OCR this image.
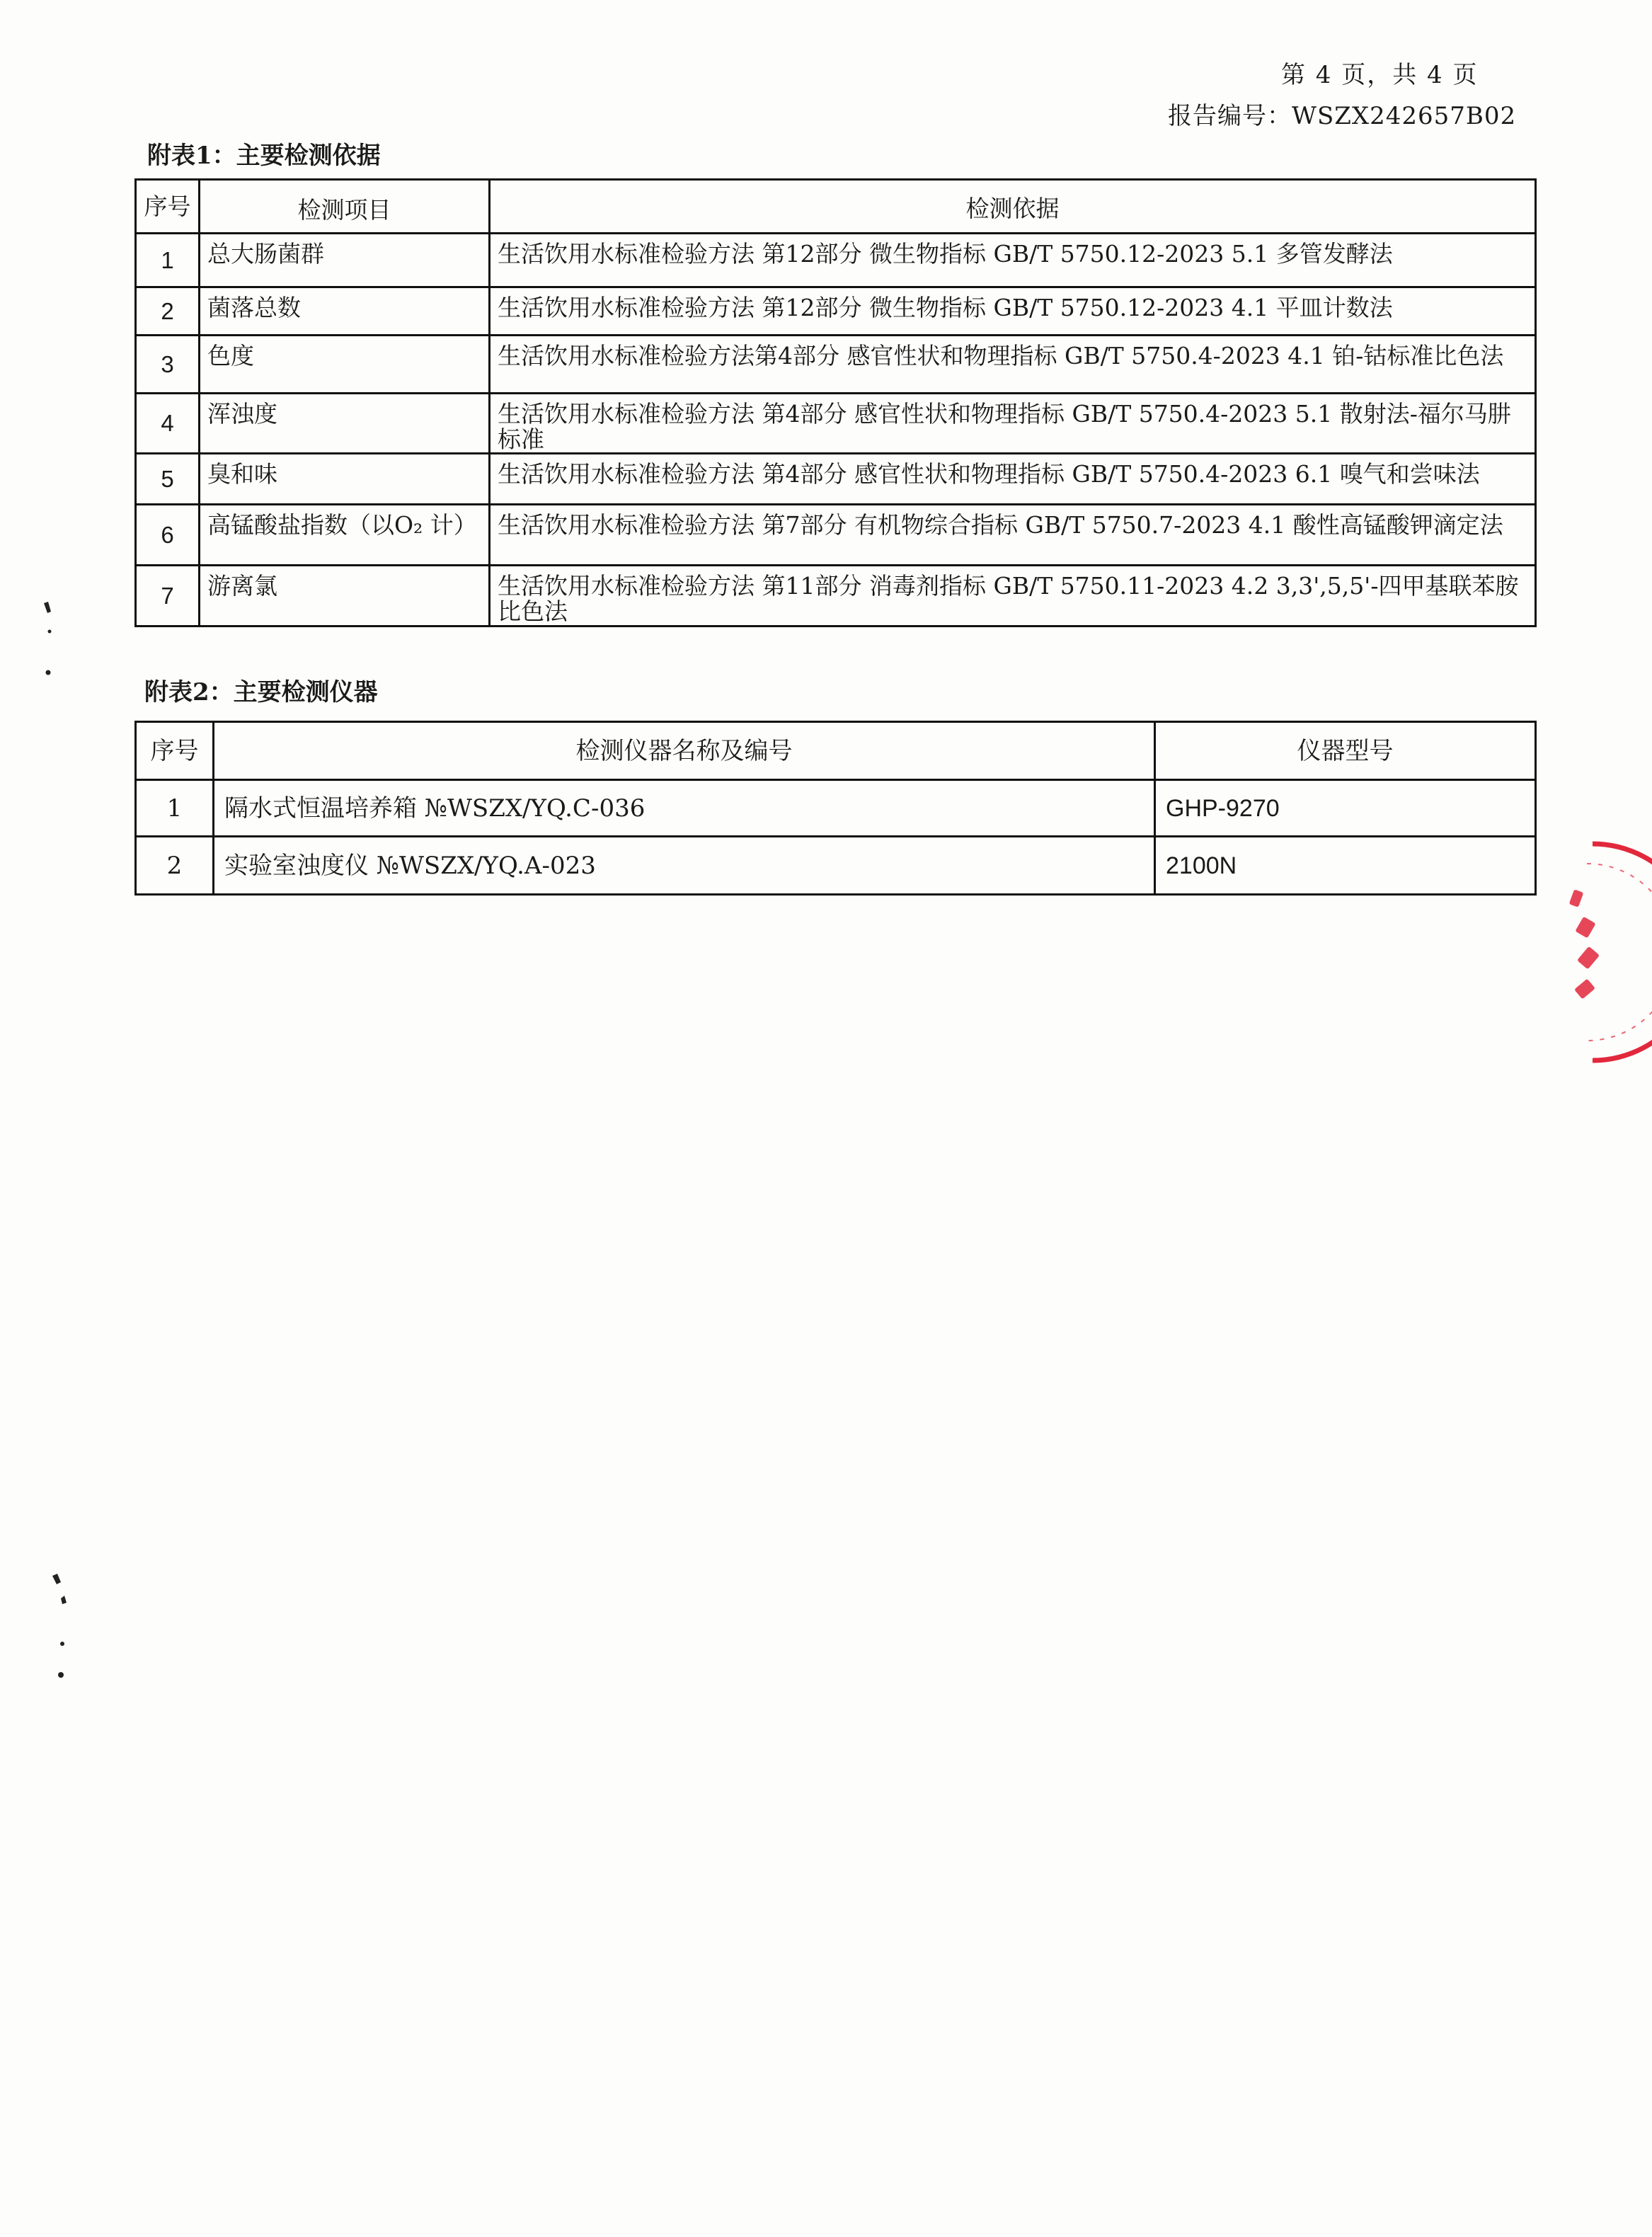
第 4 页，共 4 页
报告编号：WSZX242657B02
附表1：主要检测依据
序号	检测项目	检测依据
1	总大肠菌群	生活饮用水标准检验方法 第12部分 微生物指标 GB/T 5750.12-2023 5.1 多管发酵法
2	菌落总数	生活饮用水标准检验方法 第12部分 微生物指标 GB/T 5750.12-2023 4.1 平皿计数法
3	色度	生活饮用水标准检验方法第4部分 感官性状和物理指标 GB/T 5750.4-2023 4.1 铂-钴标准比色法
4	浑浊度	生活饮用水标准检验方法 第4部分 感官性状和物理指标 GB/T 5750.4-2023 5.1 散射法-福尔马肼标准
5	臭和味	生活饮用水标准检验方法 第4部分 感官性状和物理指标 GB/T 5750.4-2023 6.1 嗅气和尝味法
6	高锰酸盐指数（以O₂ 计）	生活饮用水标准检验方法 第7部分 有机物综合指标 GB/T 5750.7-2023 4.1 酸性高锰酸钾滴定法
7	游离氯	生活饮用水标准检验方法 第11部分 消毒剂指标 GB/T 5750.11-2023 4.2 3,3',5,5'-四甲基联苯胺比色法
附表2：主要检测仪器
序号	检测仪器名称及编号	仪器型号
1	隔水式恒温培养箱 №WSZX/YQ.C-036	GHP-9270
2	实验室浊度仪 №WSZX/YQ.A-023	2100N
